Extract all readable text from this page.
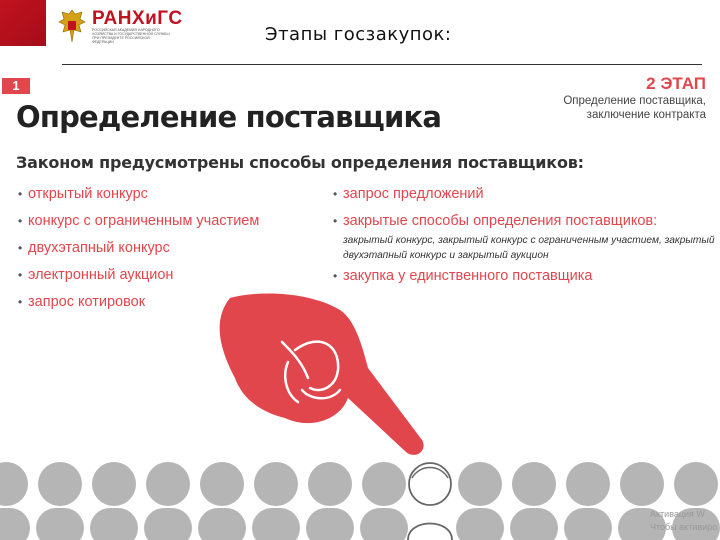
РАНХиГС
РОССИЙСКАЯ АКАДЕМИЯ НАРОДНОГО ХОЗЯЙСТВА И ГОСУДАРСТВЕННОЙ СЛУЖБЫ ПРИ ПРЕЗИДЕНТЕ РОССИЙСКОЙ ФЕДЕРАЦИИ	Этапы госзакупок:
1
Определение поставщика
2 ЭТАП
Определение поставщика, заключение контракта
Законом предусмотрены способы определения поставщиков:
• открытый конкурс
• конкурс с ограниченным участием
• двухэтапный конкурс
• электронный аукцион
• запрос котировок
• запрос предложений
• закрытые способы определения поставщиков:
закрытый конкурс, закрытый конкурс с ограниченным участием, закрытый двухэтапный конкурс и закрытый аукцион
• закупка у единственного поставщика
Активация W
Чтобы активиро
